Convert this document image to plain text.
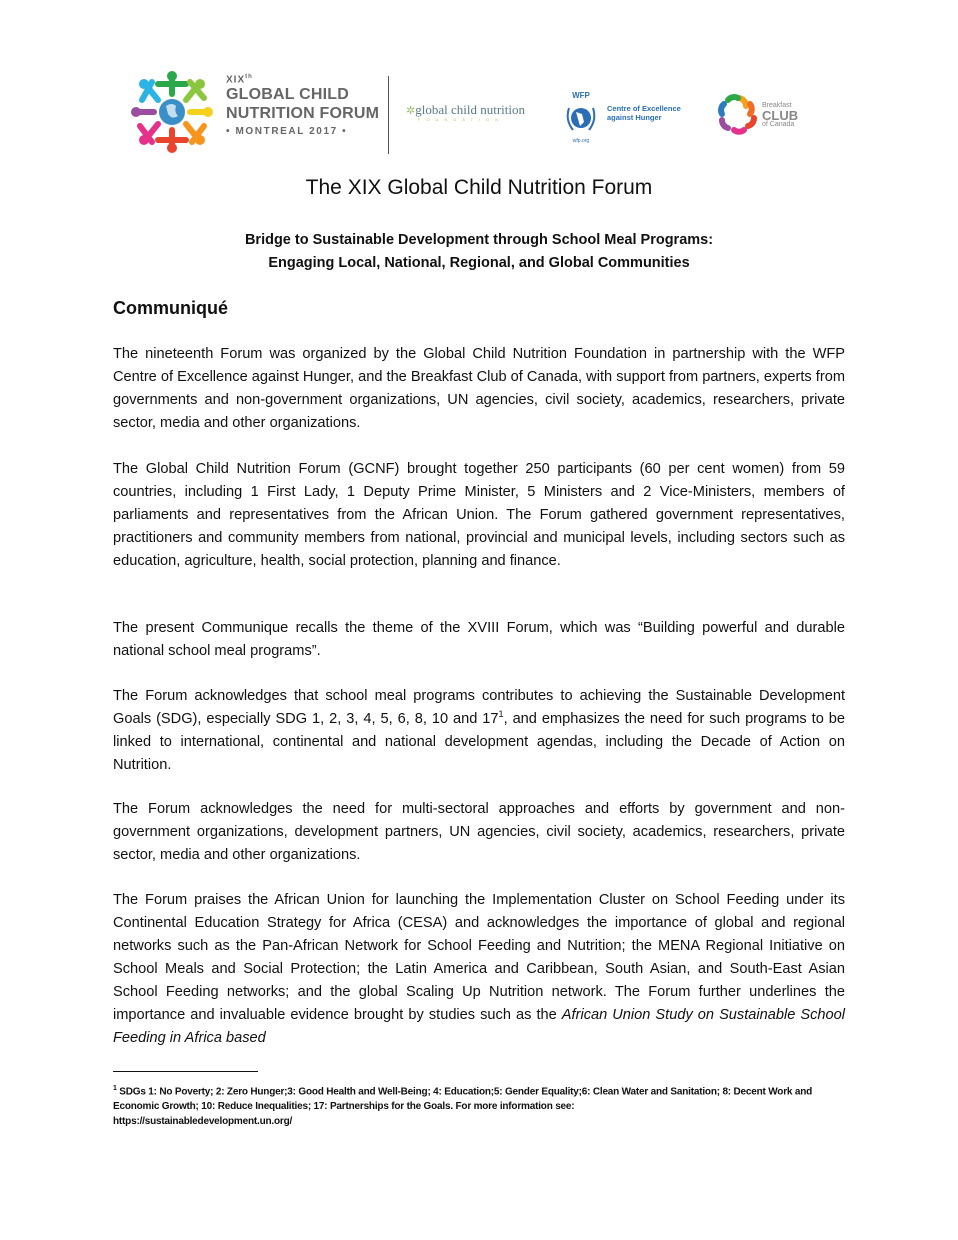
XIXth
GLOBAL CHILD
NUTRITION FORUM
• MONTREAL 2017 •
✲global child nutrition
FOUNDATION
WFP
wfp.org
Centre of Excellence
against Hunger
Breakfast
CLUB
of Canada
The XIX Global Child Nutrition Forum
Bridge to Sustainable Development through School Meal Programs:
Engaging Local, National, Regional, and Global Communities
Communiqué

The nineteenth Forum was organized by the Global Child Nutrition Foundation in partnership with the WFP Centre of Excellence against Hunger, and the Breakfast Club of Canada, with support from partners, experts from governments and non-government organizations, UN agencies, civil society, academics, researchers, private sector, media and other organizations.

The Global Child Nutrition Forum (GCNF) brought together 250 participants (60 per cent women) from 59 countries, including 1 First Lady, 1 Deputy Prime Minister, 5 Ministers and 2 Vice-Ministers, members of parliaments and representatives from the African Union. The Forum gathered government representatives, practitioners and community members from national, provincial and municipal levels, including sectors such as education, agriculture, health, social protection, planning and finance.

The present Communique recalls the theme of the XVIII Forum, which was “Building powerful and durable national school meal programs”.

The Forum acknowledges that school meal programs contributes to achieving the Sustainable Development Goals (SDG), especially SDG 1, 2, 3, 4, 5, 6, 8, 10 and $17^1$, and emphasizes the need for such programs to be linked to international, continental and national development agendas, including the Decade of Action on Nutrition.

The Forum acknowledges the need for multi-sectoral approaches and efforts by government and non-government organizations, development partners, UN agencies, civil society, academics, researchers, private sector, media and other organizations.

The Forum praises the African Union for launching the Implementation Cluster on School Feeding under its Continental Education Strategy for Africa (CESA) and acknowledges the importance of global and regional networks such as the Pan-African Network for School Feeding and Nutrition; the MENA Regional Initiative on School Meals and Social Protection; the Latin America and Caribbean, South Asian, and South-East Asian School Feeding networks; and the global Scaling Up Nutrition network. The Forum further underlines the importance and invaluable evidence brought by studies such as the African Union Study on Sustainable School Feeding in Africa based

$^1$ SDGs 1: No Poverty; 2: Zero Hunger;3: Good Health and Well-Being; 4: Education;5: Gender Equality;6: Clean Water and Sanitation; 8: Decent Work and Economic Growth; 10: Reduce Inequalities; 17: Partnerships for the Goals. For more information see:
https://sustainabledevelopment.un.org/
